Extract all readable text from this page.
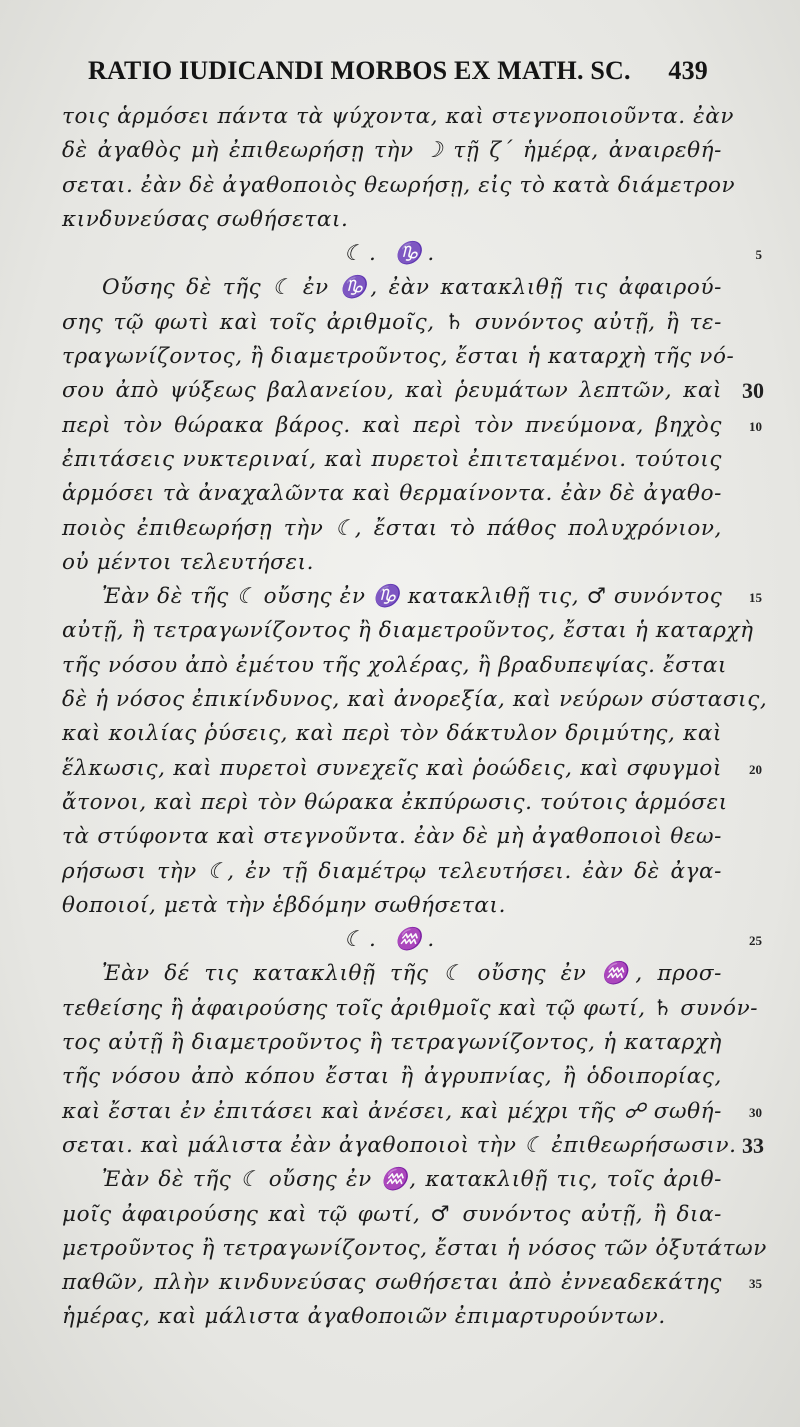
RATIO IUDICANDI MORBOS EX MATH. SC. 439
τοις ἁρμόσει πάντα τὰ ψύχοντα, καὶ στεγνοποιοῦντα. ἐὰν
δὲ ἀγαθὸς μὴ ἐπιθεωρήσῃ τὴν ☽ τῇ ζ΄ ἡμέρᾳ, ἀναιρεθή-
σεται. ἐὰν δὲ ἀγαθοποιὸς θεωρήσῃ, εἰς τὸ κατὰ διάμετρον
κινδυνεύσας σωθήσεται.
☾. ♑.
Οὔσης δὲ τῆς ☾ ἐν ♑, ἐὰν κατακλιθῇ τις ἀφαιρού-
σης τῷ φωτὶ καὶ τοῖς ἀριθμοῖς, ♄ συνόντος αὐτῇ, ἢ τε-
τραγωνίζοντος, ἢ διαμετροῦντος, ἔσται ἡ καταρχὴ τῆς νό-
σου ἀπὸ ψύξεως βαλανείου, καὶ ῥευμάτων λεπτῶν, καὶ
περὶ τὸν θώρακα βάρος. καὶ περὶ τὸν πνεύμονα, βηχὸς
ἐπιτάσεις νυκτεριναί, καὶ πυρετοὶ ἐπιτεταμένοι. τούτοις
ἁρμόσει τὰ ἀναχαλῶντα καὶ θερμαίνοντα. ἐὰν δὲ ἀγαθο-
ποιὸς ἐπιθεωρήσῃ τὴν ☾, ἔσται τὸ πάθος πολυχρόνιον,
οὐ μέντοι τελευτήσει.
Ἐὰν δὲ τῆς ☾ οὔσης ἐν ♑ κατακλιθῇ τις, ♂ συνόντος
αὐτῇ, ἢ τετραγωνίζοντος ἢ διαμετροῦντος, ἔσται ἡ καταρχὴ
τῆς νόσου ἀπὸ ἐμέτου τῆς χολέρας, ἢ βραδυπεψίας. ἔσται
δὲ ἡ νόσος ἐπικίνδυνος, καὶ ἀνορεξία, καὶ νεύρων σύστασις,
καὶ κοιλίας ῥύσεις, καὶ περὶ τὸν δάκτυλον δριμύτης, καὶ
ἕλκωσις, καὶ πυρετοὶ συνεχεῖς καὶ ῥοώδεις, καὶ σφυγμοὶ
ἄτονοι, καὶ περὶ τὸν θώρακα ἐκπύρωσις. τούτοις ἁρμόσει
τὰ στύφοντα καὶ στεγνοῦντα. ἐὰν δὲ μὴ ἀγαθοποιοὶ θεω-
ρήσωσι τὴν ☾, ἐν τῇ διαμέτρῳ τελευτήσει. ἐὰν δὲ ἀγα-
θοποιοί, μετὰ τὴν ἑβδόμην σωθήσεται.
☾. ♒.
Ἐὰν δέ τις κατακλιθῇ τῆς ☾ οὔσης ἐν ♒, προσ-
τεθείσης ἢ ἀφαιρούσης τοῖς ἀριθμοῖς καὶ τῷ φωτί, ♄ συνόν-
τος αὐτῇ ἢ διαμετροῦντος ἢ τετραγωνίζοντος, ἡ καταρχὴ
τῆς νόσου ἀπὸ κόπου ἔσται ἢ ἀγρυπνίας, ἢ ὁδοιπορίας,
καὶ ἔσται ἐν ἐπιτάσει καὶ ἀνέσει, καὶ μέχρι τῆς ☍ σωθή-
σεται. καὶ μάλιστα ἐὰν ἀγαθοποιοὶ τὴν ☾ ἐπιθεωρήσωσιν.
Ἐὰν δὲ τῆς ☾ οὔσης ἐν ♒, κατακλιθῇ τις, τοῖς ἀριθ-
μοῖς ἀφαιρούσης καὶ τῷ φωτί, ♂ συνόντος αὐτῇ, ἢ δια-
μετροῦντος ἢ τετραγωνίζοντος, ἔσται ἡ νόσος τῶν ὀξυτάτων
παθῶν, πλὴν κινδυνεύσας σωθήσεται ἀπὸ ἐννεαδεκάτης
ἡμέρας, καὶ μάλιστα ἀγαθοποιῶν ἐπιμαρτυρούντων.
5
30
10
15
20
25
30
33
35
